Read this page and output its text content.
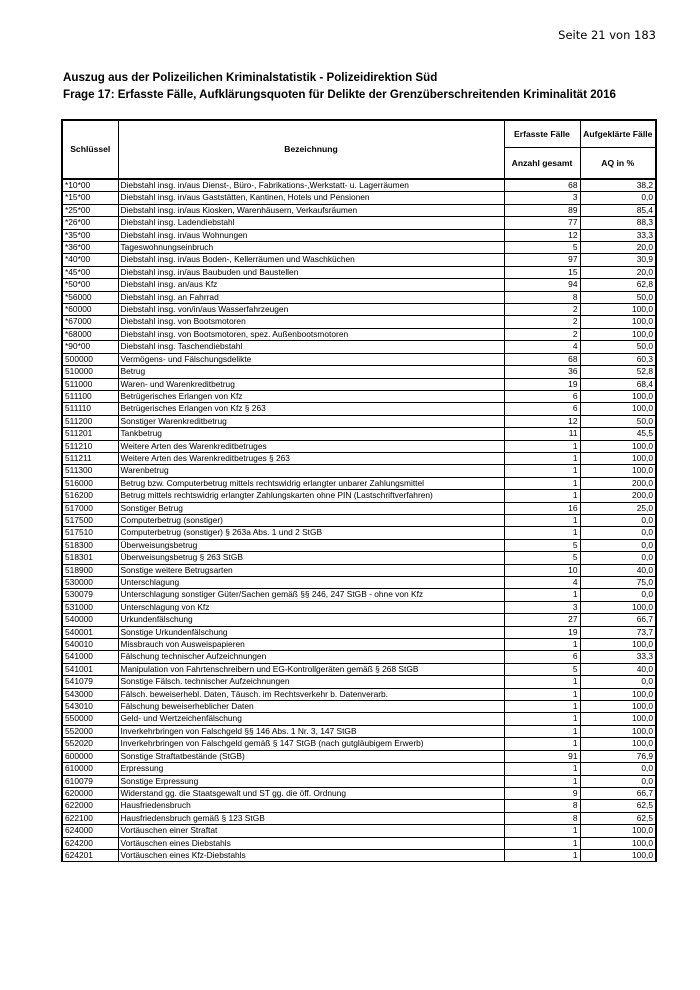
Seite 21 von 183
Auszug aus der Polizeilichen Kriminalstatistik - Polizeidirektion Süd
Frage 17: Erfasste Fälle, Aufklärungsquoten für Delikte der Grenzüberschreitenden Kriminalität 2016
Schlüssel	Bezeichnung	Erfasste Fälle	Aufgeklärte Fälle
		Anzahl gesamt	AQ in %
*10*00	Diebstahl insg. in/aus Dienst-, Büro-, Fabrikations-,Werkstatt- u. Lagerräumen	68	38,2
*15*00	Diebstahl insg. in/aus Gaststätten, Kantinen, Hotels und Pensionen	3	0,0
*25*00	Diebstahl insg. in/aus Kiosken, Warenhäusern, Verkaufsräumen	89	85,4
*26*00	Diebstahl insg. Ladendiebstahl	77	88,3
*35*00	Diebstahl insg. in/aus Wohnungen	12	33,3
*36*00	Tageswohnungseinbruch	5	20,0
*40*00	Diebstahl insg. in/aus Boden-, Kellerräumen und Waschküchen	97	30,9
*45*00	Diebstahl insg. in/aus Baubuden und Baustellen	15	20,0
*50*00	Diebstahl insg. an/aus Kfz	94	62,8
*56000	Diebstahl insg. an Fahrrad	8	50,0
*60000	Diebstahl insg. von/in/aus Wasserfahrzeugen	2	100,0
*67000	Diebstahl insg. von Bootsmotoren	2	100,0
*68000	Diebstahl insg. von Bootsmotoren, spez. Außenbootsmotoren	2	100,0
*90*00	Diebstahl insg. Taschendiebstahl	4	50,0
500000	Vermögens- und Fälschungsdelikte	68	60,3
510000	Betrug	36	52,8
511000	Waren- und Warenkreditbetrug	19	68,4
511100	Betrügerisches Erlangen von Kfz	6	100,0
511110	Betrügerisches Erlangen von Kfz § 263	6	100,0
511200	Sonstiger Warenkreditbetrug	12	50,0
511201	Tankbetrug	11	45,5
511210	Weitere Arten des Warenkreditbetruges	1	100,0
511211	Weitere Arten des Warenkreditbetruges § 263	1	100,0
511300	Warenbetrug	1	100,0
516000	Betrug bzw. Computerbetrug mittels rechtswidrig erlangter unbarer Zahlungsmittel	1	200,0
516200	Betrug mittels rechtswidrig erlangter Zahlungskarten ohne PIN (Lastschriftverfahren)	1	200,0
517000	Sonstiger Betrug	16	25,0
517500	Computerbetrug (sonstiger)	1	0,0
517510	Computerbetrug (sonstiger) § 263a Abs. 1 und 2 StGB	1	0,0
518300	Überweisungsbetrug	5	0,0
518301	Überweisungsbetrug § 263 StGB	5	0,0
518900	Sonstige weitere Betrugsarten	10	40,0
530000	Unterschlagung	4	75,0
530079	Unterschlagung sonstiger Güter/Sachen gemäß §§ 246, 247 StGB - ohne von Kfz	1	0,0
531000	Unterschlagung von Kfz	3	100,0
540000	Urkundenfälschung	27	66,7
540001	Sonstige Urkundenfälschung	19	73,7
540010	Missbrauch von Ausweispapieren	1	100,0
541000	Fälschung technischer Aufzeichnungen	6	33,3
541001	Manipulation von Fahrtenschreibern und EG-Kontrollgeräten gemäß § 268 StGB	5	40,0
541079	Sonstige Fälsch. technischer Aufzeichnungen	1	0,0
543000	Fälsch. beweiserhebl. Daten, Täusch. im Rechtsverkehr b. Datenverarb.	1	100,0
543010	Fälschung beweiserheblicher Daten	1	100,0
550000	Geld- und Wertzeichenfälschung	1	100,0
552000	Inverkehrbringen von Falschgeld §§ 146 Abs. 1 Nr. 3, 147 StGB	1	100,0
552020	Inverkehrbringen von Falschgeld gemäß § 147 StGB (nach gutgläubigem Erwerb)	1	100,0
600000	Sonstige Straftatbestände (StGB)	91	76,9
610000	Erpressung	1	0,0
610079	Sonstige Erpressung	1	0,0
620000	Widerstand gg. die Staatsgewalt und ST gg. die öff. Ordnung	9	66,7
622000	Hausfriedensbruch	8	62,5
622100	Hausfriedensbruch gemäß § 123 StGB	8	62,5
624000	Vortäuschen einer Straftat	1	100,0
624200	Vortäuschen eines Diebstahls	1	100,0
624201	Vortäuschen eines Kfz-Diebstahls	1	100,0
